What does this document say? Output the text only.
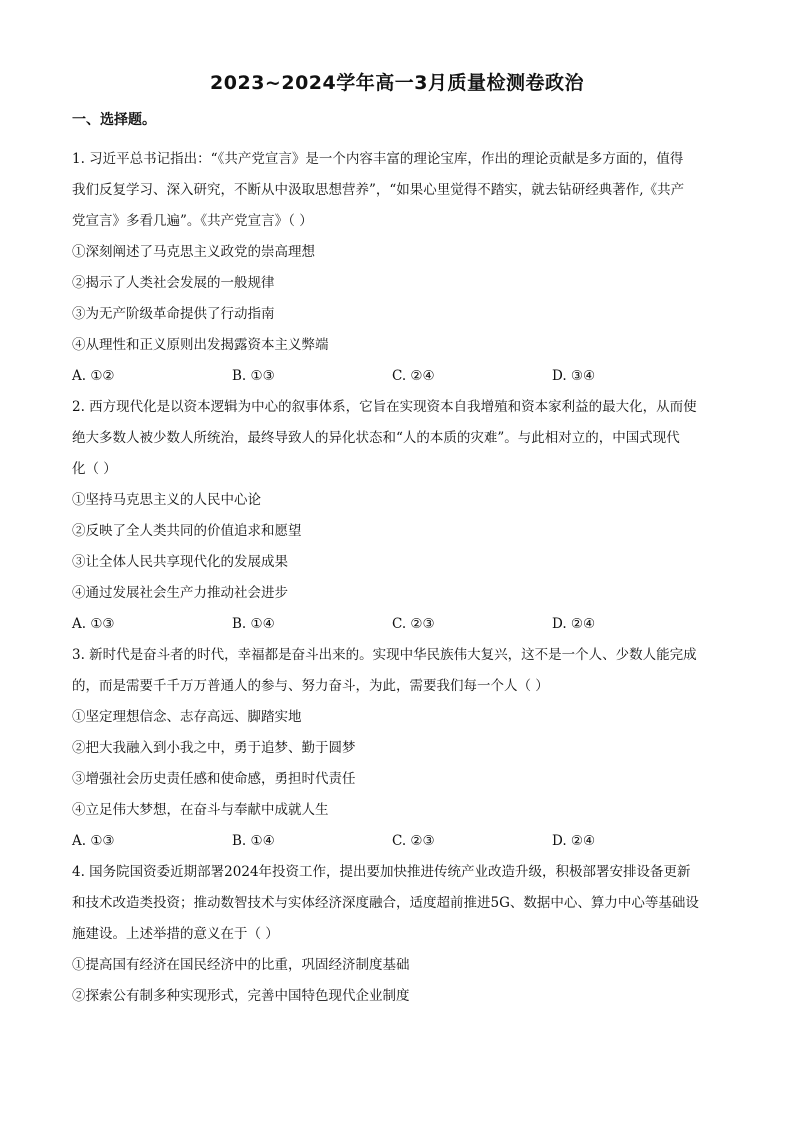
2023~2024学年高一3月质量检测卷政治
一、选择题。
1. 习近平总书记指出：“《共产党宣言》是一个内容丰富的理论宝库，作出的理论贡献是多方面的，值得
我们反复学习、深入研究，不断从中汲取思想营养”，“如果心里觉得不踏实，就去钻研经典著作,《共产
党宣言》多看几遍”。《共产党宣言》（ ）
①深刻阐述了马克思主义政党的崇高理想
②揭示了人类社会发展的一般规律
③为无产阶级革命提供了行动指南
④从理性和正义原则出发揭露资本主义弊端
A. ①②	B. ①③	C. ②④	D. ③④
2. 西方现代化是以资本逻辑为中心的叙事体系，它旨在实现资本自我增殖和资本家利益的最大化，从而使
绝大多数人被少数人所统治，最终导致人的异化状态和“人的本质的灾难”。与此相对立的，中国式现代
化（ ）
①坚持马克思主义的人民中心论
②反映了全人类共同的价值追求和愿望
③让全体人民共享现代化的发展成果
④通过发展社会生产力推动社会进步
A. ①③	B. ①④	C. ②③	D. ②④
3. 新时代是奋斗者的时代，幸福都是奋斗出来的。实现中华民族伟大复兴，这不是一个人、少数人能完成
的，而是需要千千万万普通人的参与、努力奋斗，为此，需要我们每一个人（ ）
①坚定理想信念、志存高远、脚踏实地
②把大我融入到小我之中，勇于追梦、勤于圆梦
③增强社会历史责任感和使命感，勇担时代责任
④立足伟大梦想，在奋斗与奉献中成就人生
A. ①③	B. ①④	C. ②③	D. ②④
4. 国务院国资委近期部署2024年投资工作，提出要加快推进传统产业改造升级，积极部署安排设备更新
和技术改造类投资；推动数智技术与实体经济深度融合，适度超前推进5G、数据中心、算力中心等基础设
施建设。上述举措的意义在于（ ）
①提高国有经济在国民经济中的比重，巩固经济制度基础
②探索公有制多种实现形式，完善中国特色现代企业制度
